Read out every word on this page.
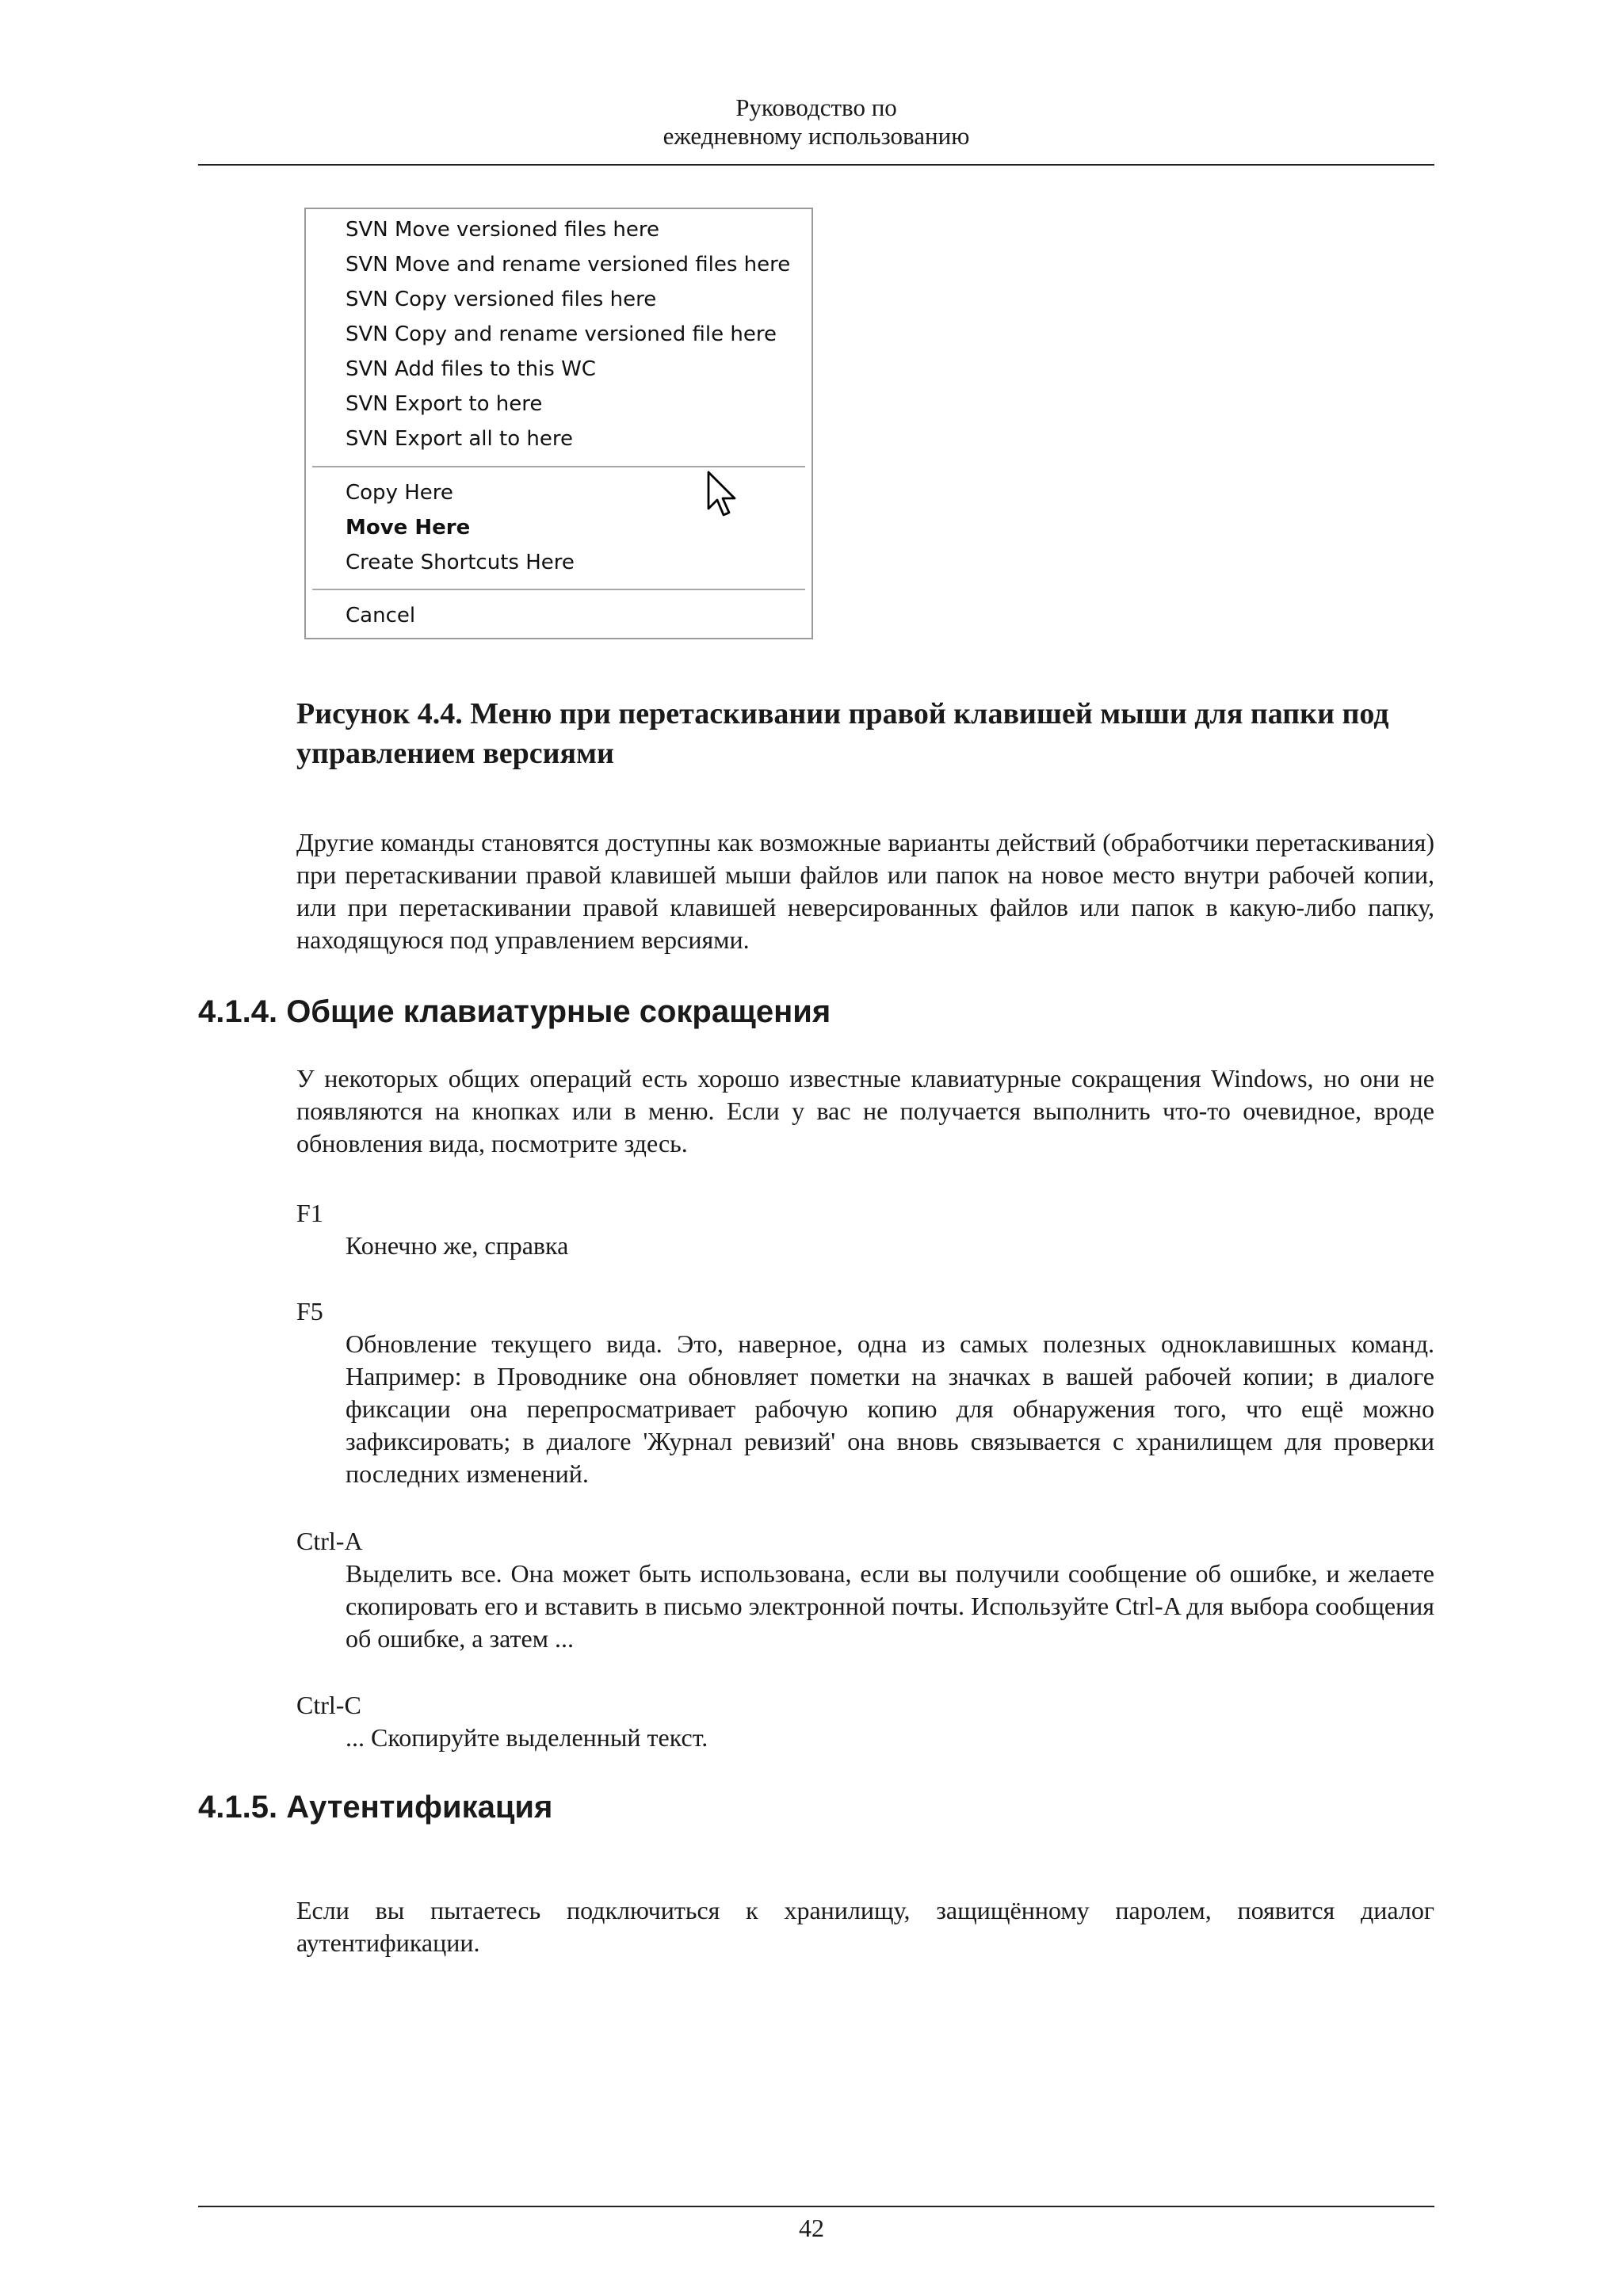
Руководство по
ежедневному использованию
SVN Move versioned files here
SVN Move and rename versioned files here
SVN Copy versioned files here
SVN Copy and rename versioned file here
SVN Add files to this WC
SVN Export to here
SVN Export all to here
Copy Here
Move Here
Create Shortcuts Here
Cancel
Рисунок 4.4. Меню при перетаскивании правой клавишей мыши для папки под управлением версиями
Другие команды становятся доступны как возможные варианты действий (обработчики перетаскивания) при перетаскивании правой клавишей мыши файлов или папок на новое место внутри рабочей копии, или при перетаскивании правой клавишей неверсированных файлов или папок в какую-либо папку, находящуюся под управлением версиями.
4.1.4. Общие клавиатурные сокращения
У некоторых общих операций есть хорошо известные клавиатурные сокращения Windows, но они не появляются на кнопках или в меню. Если у вас не получается выполнить что-то очевидное, вроде обновления вида, посмотрите здесь.
F1
Конечно же, справка
F5
Обновление текущего вида. Это, наверное, одна из самых полезных одноклавишных команд. Например: в Проводнике она обновляет пометки на значках в вашей рабочей копии; в диалоге фиксации она перепросматривает рабочую копию для обнаружения того, что ещё можно зафиксировать; в диалоге 'Журнал ревизий' она вновь связывается с хранилищем для проверки последних изменений.
Ctrl-A
Выделить все. Она может быть использована, если вы получили сообщение об ошибке, и желаете скопировать его и вставить в письмо электронной почты. Используйте Ctrl-A для выбора сообщения об ошибке, а затем ...
Ctrl-C
... Скопируйте выделенный текст.
4.1.5. Аутентификация
Если вы пытаетесь подключиться к хранилищу, защищённому паролем, появится диалог аутентификации.
42
